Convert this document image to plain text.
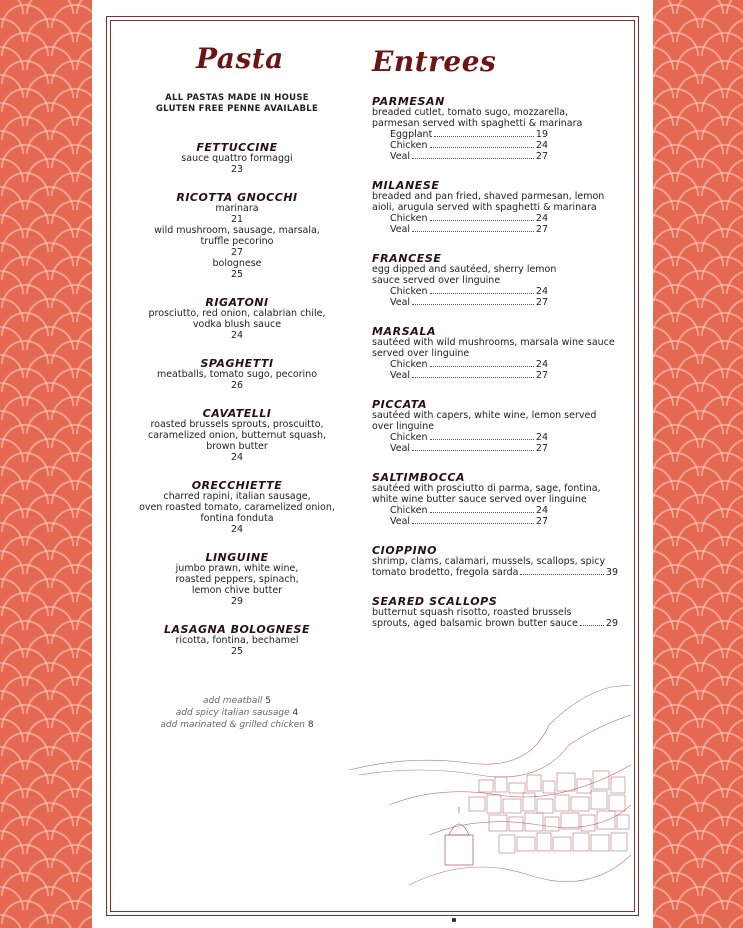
Pasta	Entrees
ALL PASTAS MADE IN HOUSE
GLUTEN FREE PENNE AVAILABLE
FETTUCCINE
sauce quattro formaggi
23
RICOTTA GNOCCHI
marinara
21
wild mushroom, sausage, marsala,
truffle pecorino
27
bolognese
25
RIGATONI
prosciutto, red onion, calabrian chile,
vodka blush sauce
24
SPAGHETTI
meatballs, tomato sugo, pecorino
26
CAVATELLI
roasted brussels sprouts, proscuitto,
caramelized onion, butternut squash,
brown butter
24
ORECCHIETTE
charred rapini, italian sausage,
oven roasted tomato, caramelized onion,
fontina fonduta
24
LINGUINE
jumbo prawn, white wine,
roasted peppers, spinach,
lemon chive butter
29
LASAGNA BOLOGNESE
ricotta, fontina, bechamel
25
add meatball 5
add spicy italian sausage 4
add marinated & grilled chicken 8
PARMESAN
breaded cutlet, tomato sugo, mozzarella,
parmesan served with spaghetti & marinara
Eggplant	19
Chicken	24
Veal	27
MILANESE
breaded and pan fried, shaved parmesan, lemon
aioli, arugula served with spaghetti & marinara
Chicken	24
Veal	27
FRANCESE
egg dipped and sautéed, sherry lemon
sauce served over linguine
Chicken	24
Veal	27
MARSALA
sautéed with wild mushrooms, marsala wine sauce
served over linguine
Chicken	24
Veal	27
PICCATA
sautéed with capers, white wine, lemon served
over linguine
Chicken	24
Veal	27
SALTIMBOCCA
sautéed with prosciutto di parma, sage, fontina,
white wine butter sauce served over linguine
Chicken	24
Veal	27
CIOPPINO
shrimp, clams, calamari, mussels, scallops, spicy
tomato brodetto, fregola sarda	39
SEARED SCALLOPS
butternut squash risotto, roasted brussels
sprouts, aged balsamic brown butter sauce	29
